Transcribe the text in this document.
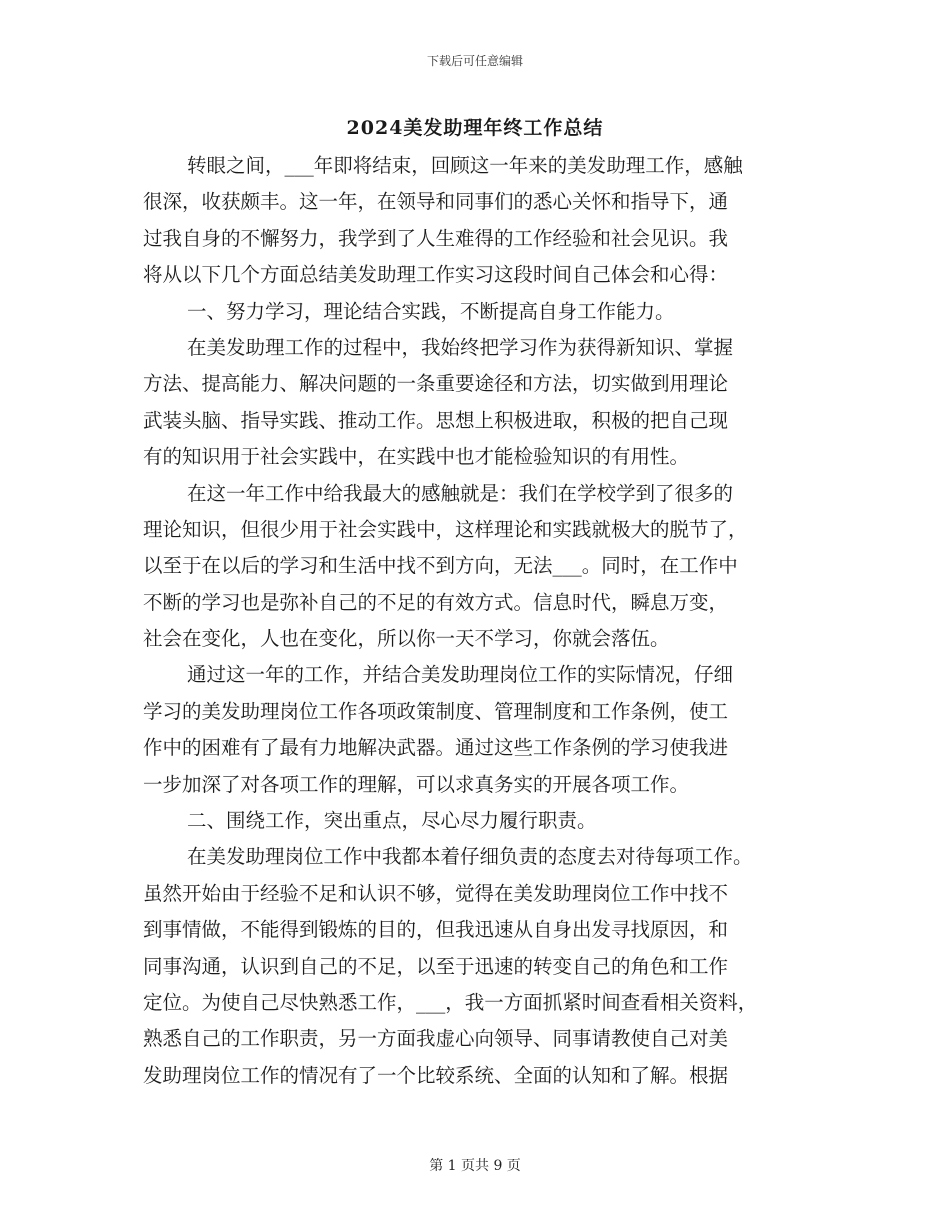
下载后可任意编辑
2024美发助理年终工作总结
转眼之间，___年即将结束，回顾这一年来的美发助理工作，感触
很深，收获颇丰。这一年，在领导和同事们的悉心关怀和指导下，通
过我自身的不懈努力，我学到了人生难得的工作经验和社会见识。我
将从以下几个方面总结美发助理工作实习这段时间自己体会和心得：
一、努力学习，理论结合实践，不断提高自身工作能力。
在美发助理工作的过程中，我始终把学习作为获得新知识、掌握
方法、提高能力、解决问题的一条重要途径和方法，切实做到用理论
武装头脑、指导实践、推动工作。思想上积极进取，积极的把自己现
有的知识用于社会实践中，在实践中也才能检验知识的有用性。
在这一年工作中给我最大的感触就是：我们在学校学到了很多的
理论知识，但很少用于社会实践中，这样理论和实践就极大的脱节了，
以至于在以后的学习和生活中找不到方向，无法___。同时，在工作中
不断的学习也是弥补自己的不足的有效方式。信息时代，瞬息万变，
社会在变化，人也在变化，所以你一天不学习，你就会落伍。
通过这一年的工作，并结合美发助理岗位工作的实际情况，仔细
学习的美发助理岗位工作各项政策制度、管理制度和工作条例，使工
作中的困难有了最有力地解决武器。通过这些工作条例的学习使我进
一步加深了对各项工作的理解，可以求真务实的开展各项工作。
二、围绕工作，突出重点，尽心尽力履行职责。
在美发助理岗位工作中我都本着仔细负责的态度去对待每项工作。
虽然开始由于经验不足和认识不够，觉得在美发助理岗位工作中找不
到事情做，不能得到锻炼的目的，但我迅速从自身出发寻找原因，和
同事沟通，认识到自己的不足，以至于迅速的转变自己的角色和工作
定位。为使自己尽快熟悉工作，___，我一方面抓紧时间查看相关资料，
熟悉自己的工作职责，另一方面我虚心向领导、同事请教使自己对美
发助理岗位工作的情况有了一个比较系统、全面的认知和了解。根据
第 1 页共 9 页
